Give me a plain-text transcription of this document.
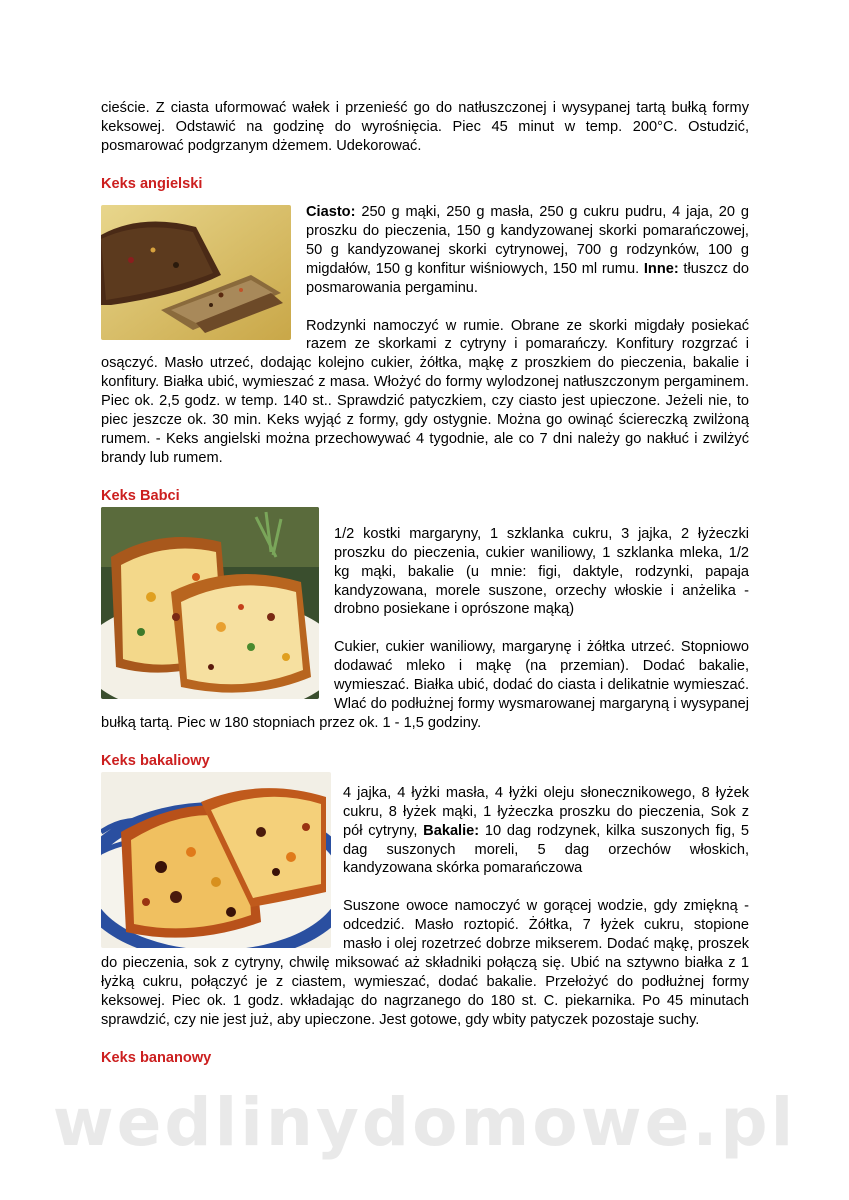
cieście. Z ciasta uformować wałek i przenieść go do natłuszczonej i wysypanej tartą bułką formy keksowej. Odstawić na godzinę do wyrośnięcia. Piec 45 minut w temp. 200°C. Ostudzić, posmarować podgrzanym dżemem. Udekorować.

Keks angielski

Ciasto: 250 g mąki, 250 g masła, 250 g cukru pudru, 4 jaja, 20 g proszku do pieczenia, 150 g kandyzowanej skorki pomarańczowej, 50 g kandyzowanej skorki cytrynowej, 700 g rodzynków, 100 g migdałów, 150 g konfitur wiśniowych, 150 ml rumu. Inne: tłuszcz do posmarowania pergaminu.

Rodzynki namoczyć w rumie. Obrane ze skorki migdały posiekać razem ze skorkami z cytryny i pomarańczy. Konfitury rozgrzać i osączyć. Masło utrzeć, dodając kolejno cukier, żółtka, mąkę z proszkiem do pieczenia, bakalie i konfitury. Białka ubić, wymieszać z masa. Włożyć do formy wylodzonej natłuszczonym pergaminem. Piec ok. 2,5 godz. w temp. 140 st.. Sprawdzić patyczkiem, czy ciasto jest upieczone. Jeżeli nie, to piec jeszcze ok. 30 min. Keks wyjąć z formy, gdy ostygnie. Można go owinąć ściereczką zwilżoną rumem. - Keks angielski można przechowywać 4 tygodnie, ale co 7 dni należy go nakłuć i zwilżyć brandy lub rumem.

Keks Babci

1/2 kostki margaryny, 1 szklanka cukru, 3 jajka, 2 łyżeczki proszku do pieczenia, cukier waniliowy, 1 szklanka mleka, 1/2 kg mąki, bakalie (u mnie: figi, daktyle, rodzynki, papaja kandyzowana, morele suszone, orzechy włoskie i anżelika - drobno posiekane i oprószone mąką)

Cukier, cukier waniliowy, margarynę i żółtka utrzeć. Stopniowo dodawać mleko i mąkę (na przemian). Dodać bakalie, wymieszać. Białka ubić, dodać do ciasta i delikatnie wymieszać. Wlać do podłużnej formy wysmarowanej margaryną i wysypanej bułką tartą. Piec w 180 stopniach przez ok. 1 - 1,5 godziny.

Keks bakaliowy

4 jajka, 4 łyżki masła, 4 łyżki oleju słonecznikowego, 8 łyżek cukru, 8 łyżek mąki, 1 łyżeczka proszku do pieczenia, Sok z pół cytryny, Bakalie: 10 dag rodzynek, kilka suszonych fig, 5 dag suszonych moreli, 5 dag orzechów włoskich, kandyzowana skórka pomarańczowa

Suszone owoce namoczyć w gorącej wodzie, gdy zmiękną - odcedzić. Masło roztopić. Żółtka, 7 łyżek cukru, stopione masło i olej rozetrzeć dobrze mikserem. Dodać mąkę, proszek do pieczenia, sok z cytryny, chwilę miksować aż składniki połączą się. Ubić na sztywno białka z 1 łyżką cukru, połączyć je z ciastem, wymieszać, dodać bakalie. Przełożyć do podłużnej formy keksowej. Piec ok. 1 godz. wkładając do nagrzanego do 180 st. C. piekarnika. Po 45 minutach sprawdzić, czy nie jest już, aby upieczone. Jest gotowe, gdy wbity patyczek pozostaje suchy.

Keks bananowy
wedlinydomowe.pl
